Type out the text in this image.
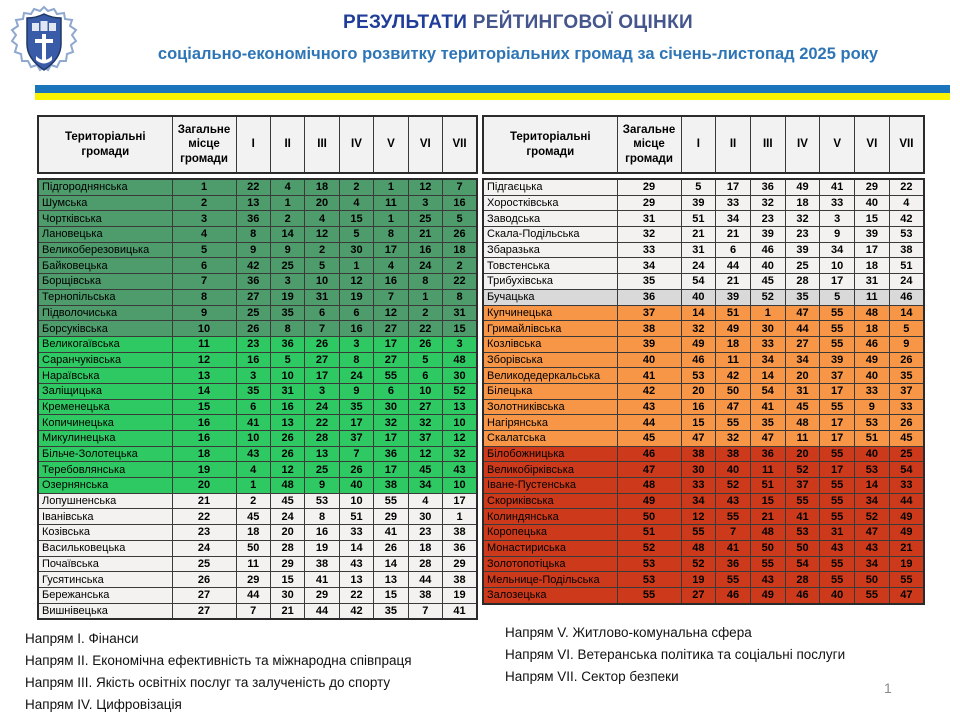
РЕЗУЛЬТАТИ РЕЙТИНГОВОЇ ОЦІНКИ
соціально-економічного розвитку територіальних громад за січень-листопад 2025 року
Територіальні громади	Загальне місце громади	I	II	III	IV	V	VI	VII
Підгороднянська	1	22	4	18	2	1	12	7
Шумська	2	13	1	20	4	11	3	16
Чортківська	3	36	2	4	15	1	25	5
Лановецька	4	8	14	12	5	8	21	26
Великоберезовицька	5	9	9	2	30	17	16	18
Байковецька	6	42	25	5	1	4	24	2
Борщівська	7	36	3	10	12	16	8	22
Тернопільська	8	27	19	31	19	7	1	8
Підволочиська	9	25	35	6	6	12	2	31
Борсуківська	10	26	8	7	16	27	22	15
Великогаївська	11	23	36	26	3	17	26	3
Саранчуківська	12	16	5	27	8	27	5	48
Нараївська	13	3	10	17	24	55	6	30
Заліщицька	14	35	31	3	9	6	10	52
Кременецька	15	6	16	24	35	30	27	13
Копичинецька	16	41	13	22	17	32	32	10
Микулинецька	16	10	26	28	37	17	37	12
Більче-Золотецька	18	43	26	13	7	36	12	32
Теребовлянська	19	4	12	25	26	17	45	43
Озернянська	20	1	48	9	40	38	34	10
Лопушненська	21	2	45	53	10	55	4	17
Іванівська	22	45	24	8	51	29	30	1
Козівська	23	18	20	16	33	41	23	38
Васильковецька	24	50	28	19	14	26	18	36
Почаївська	25	11	29	38	43	14	28	29
Гусятинська	26	29	15	41	13	13	44	38
Бережанська	27	44	30	29	22	15	38	19
Вишнівецька	27	7	21	44	42	35	7	41
Територіальні громади	Загальне місце громади	I	II	III	IV	V	VI	VII
Підгаєцька	29	5	17	36	49	41	29	22
Хоростківська	29	39	33	32	18	33	40	4
Заводська	31	51	34	23	32	3	15	42
Скала-Подільська	32	21	21	39	23	9	39	53
Збаразька	33	31	6	46	39	34	17	38
Товстенська	34	24	44	40	25	10	18	51
Трибухівська	35	54	21	45	28	17	31	24
Бучацька	36	40	39	52	35	5	11	46
Купчинецька	37	14	51	1	47	55	48	14
Гримайлівська	38	32	49	30	44	55	18	5
Козлівська	39	49	18	33	27	55	46	9
Зборівська	40	46	11	34	34	39	49	26
Великодедеркальська	41	53	42	14	20	37	40	35
Білецька	42	20	50	54	31	17	33	37
Золотниківська	43	16	47	41	45	55	9	33
Нагірянська	44	15	55	35	48	17	53	26
Скалатська	45	47	32	47	11	17	51	45
Білобожницька	46	38	38	36	20	55	40	25
Великобірківська	47	30	40	11	52	17	53	54
Іване-Пустенська	48	33	52	51	37	55	14	33
Скориківська	49	34	43	15	55	55	34	44
Колиндянська	50	12	55	21	41	55	52	49
Коропецька	51	55	7	48	53	31	47	49
Монастириська	52	48	41	50	50	43	43	21
Золотопотіцька	53	52	36	55	54	55	34	19
Мельнице-Подільська	53	19	55	43	28	55	50	55
Залозецька	55	27	46	49	46	40	55	47
Напрям I. Фінанси
Напрям II. Економічна ефективність та міжнародна співпраця
Напрям III. Якість освітніх послуг та залученість до спорту
Напрям IV. Цифровізація
Напрям V. Житлово-комунальна сфера
Напрям VI. Ветеранська політика та соціальні послуги
Напрям VII. Сектор безпеки
1
